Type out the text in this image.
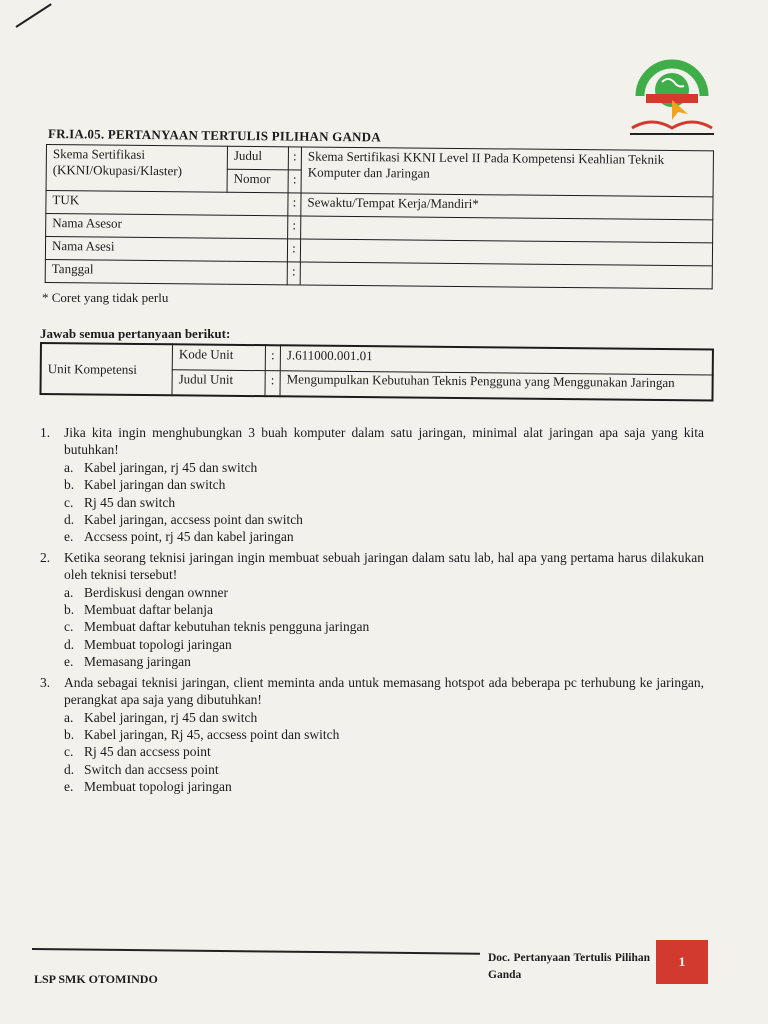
FR.IA.05. PERTANYAAN TERTULIS PILIHAN GANDA
Skema Sertifikasi (KKNI/Okupasi/Klaster)	Judul	:	Skema Sertifikasi KKNI Level II Pada Kompetensi Keahlian Teknik Komputer dan Jaringan
	Nomor	:	
TUK		:	Sewaktu/Tempat Kerja/Mandiri*
Nama Asesor		:	
Nama Asesi		:	
Tanggal		:	
* Coret yang tidak perlu
Jawab semua pertanyaan berikut:
Unit Kompetensi	Kode Unit	:	J.611000.001.01
	Judul Unit	:	Mengumpulkan Kebutuhan Teknis Pengguna yang Menggunakan Jaringan
1.	Jika kita ingin menghubungkan 3 buah komputer dalam satu jaringan, minimal alat jaringan apa saja yang kita butuhkan!
a. Kabel jaringan, rj 45 dan switch
b. Kabel jaringan dan switch
c. Rj 45 dan switch
d. Kabel jaringan, accsess point dan switch
e. Accsess point, rj 45 dan kabel jaringan
2.	Ketika seorang teknisi jaringan ingin membuat sebuah jaringan dalam satu lab, hal apa yang pertama harus dilakukan oleh teknisi tersebut!
a. Berdiskusi dengan ownner
b. Membuat daftar belanja
c. Membuat daftar kebutuhan teknis pengguna jaringan
d. Membuat topologi jaringan
e. Memasang jaringan
3.	Anda sebagai teknisi jaringan, client meminta anda untuk memasang hotspot ada beberapa pc terhubung ke jaringan, perangkat apa saja yang dibutuhkan!
a. Kabel jaringan, rj 45 dan switch
b. Kabel jaringan, Rj 45, accsess point dan switch
c. Rj 45 dan accsess point
d. Switch dan accsess point
e. Membuat topologi jaringan
LSP SMK OTOMINDO
Doc. Pertanyaan Tertulis Pilihan Ganda
1
